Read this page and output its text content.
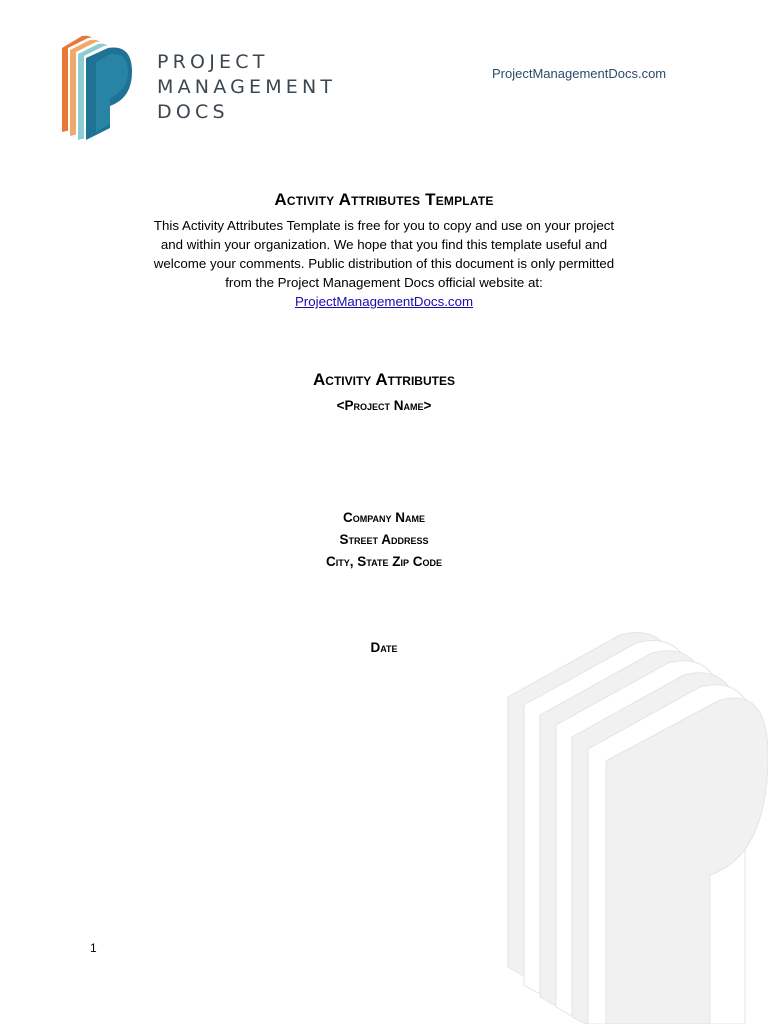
PROJECT
MANAGEMENT
DOCS
ProjectManagementDocs.com
Activity Attributes Template
This Activity Attributes Template is free for you to copy and use on your project
and within your organization. We hope that you find this template useful and
welcome your comments. Public distribution of this document is only permitted
from the Project Management Docs official website at:
ProjectManagementDocs.com
Activity Attributes
<Project Name>
Company Name
Street Address
City, State Zip Code
Date
1
